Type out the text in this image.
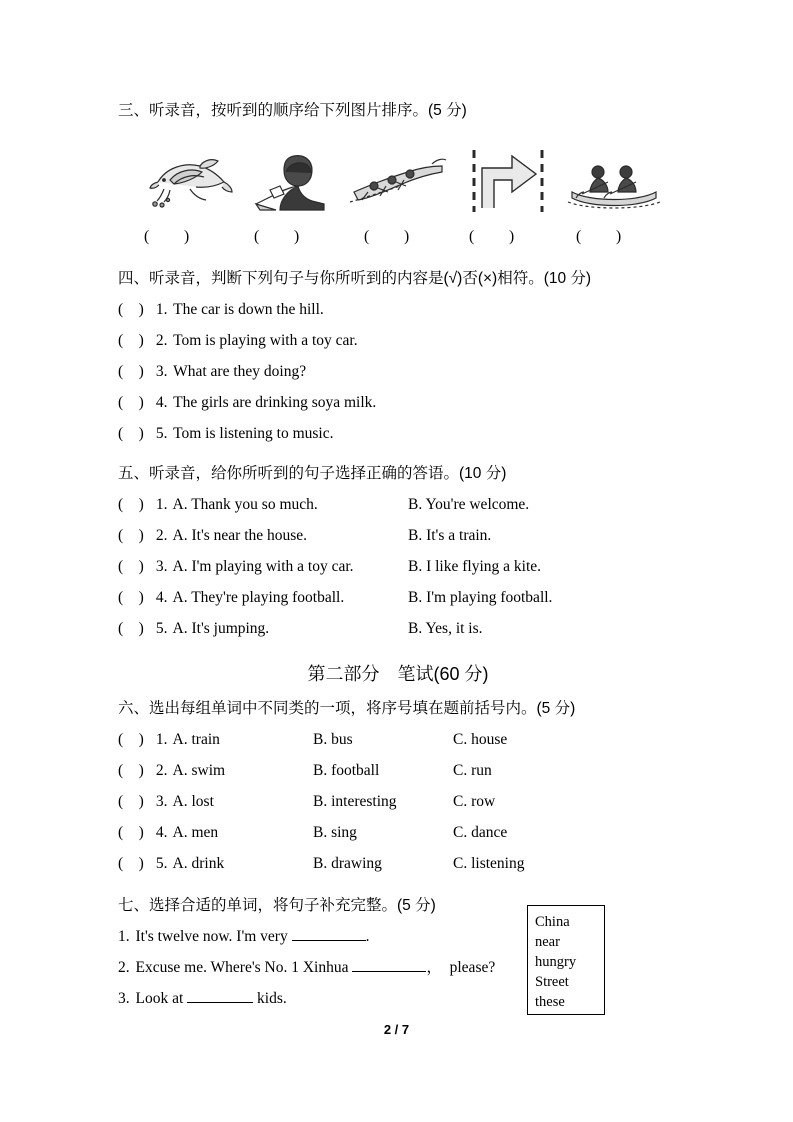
三、听录音，按听到的顺序给下列图片排序。(5 分)
( )	( )	( )	( )	( )
四、听录音，判断下列句子与你所听到的内容是(√)否(×)相符。(10 分)
(　) 1. The car is down the hill.
(　) 2. Tom is playing with a toy car.
(　) 3. What are they doing?
(　) 4. The girls are drinking soya milk.
(　) 5. Tom is listening to music.
五、听录音，给你所听到的句子选择正确的答语。(10 分)
(　) 1. A. Thank you so much.	B. You're welcome.
(　) 2. A. It's near the house.	B. It's a train.
(　) 3. A. I'm playing with a toy car.	B. I like flying a kite.
(　) 4. A. They're playing football.	B. I'm playing football.
(　) 5. A. It's jumping.	B. Yes, it is.
第二部分　笔试(60 分)
六、选出每组单词中不同类的一项，将序号填在题前括号内。(5 分)
(　) 1. A. train	B. bus	C. house
(　) 2. A. swim	B. football	C. run
(　) 3. A. lost	B. interesting	C. row
(　) 4. A. men	B. sing	C. dance
(　) 5. A. drink	B. drawing	C. listening
七、选择合适的单词，将句子补充完整。(5 分)
1. It's twelve now. I'm very	.
2. Excuse me. Where's No. 1 Xinhua	，　please?
3. Look at	kids.
China
near
hungry
Street
these
2 / 7
